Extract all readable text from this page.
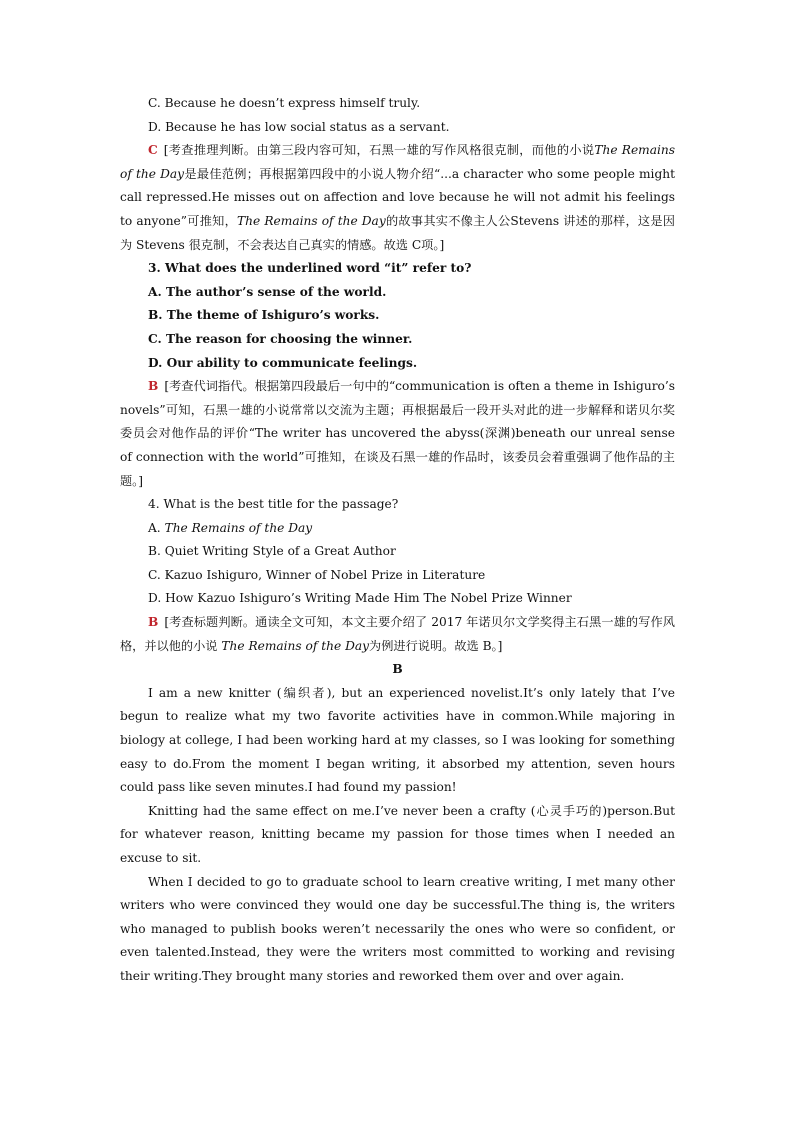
C. Because he doesn’t express himself truly.
D. Because he has low social status as a servant.
C [考查推理判断。由第三段内容可知，石黑一雄的写作风格很克制，而他的小说The Remains of the Day是最佳范例；再根据第四段中的小说人物介绍“...a character who some people might call repressed.He misses out on affection and love because he will not admit his feelings to anyone”可推知，The Remains of the Day的故事其实不像主人公Stevens 讲述的那样，这是因为 Stevens 很克制，不会表达自己真实的情感。故选 C项。]
3. What does the underlined word “it” refer to?
A. The author’s sense of the world.
B. The theme of Ishiguro’s works.
C. The reason for choosing the winner.
D. Our ability to communicate feelings.
B [考查代词指代。根据第四段最后一句中的“communication is often a theme in Ishiguro’s novels”可知，石黑一雄的小说常常以交流为主题；再根据最后一段开头对此的进一步解释和诺贝尔奖委员会对他作品的评价“The writer has uncovered the abyss(深渊)beneath our unreal sense of connection with the world”可推知，在谈及石黑一雄的作品时，该委员会着重强调了他作品的主题。]
4. What is the best title for the passage?
A. The Remains of the Day
B. Quiet Writing Style of a Great Author
C. Kazuo Ishiguro, Winner of Nobel Prize in Literature
D. How Kazuo Ishiguro’s Writing Made Him The Nobel Prize Winner
B [考查标题判断。通读全文可知，本文主要介绍了 2017 年诺贝尔文学奖得主石黑一雄的写作风格，并以他的小说 The Remains of the Day为例进行说明。故选 B。]
B
I am a new knitter (编织者), but an experienced novelist.It’s only lately that I’ve begun to realize what my two favorite activities have in common.While majoring in biology at college, I had been working hard at my classes, so I was looking for something easy to do.From the moment I began writing, it absorbed my attention, seven hours could pass like seven minutes.I had found my passion!
Knitting had the same effect on me.I’ve never been a crafty (心灵手巧的)person.But for whatever reason, knitting became my passion for those times when I needed an excuse to sit.
When I decided to go to graduate school to learn creative writing, I met many other writers who were convinced they would one day be successful.The thing is, the writers who managed to publish books weren’t necessarily the ones who were so confident, or even talented.Instead, they were the writers most committed to working and revising their writing.They brought many stories and reworked them over and over again.
